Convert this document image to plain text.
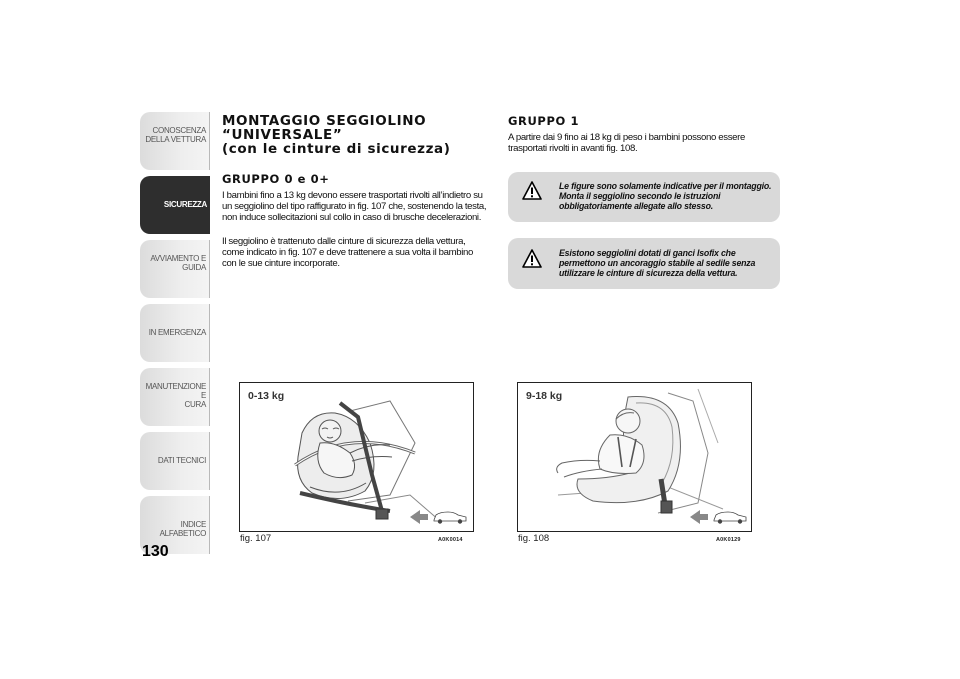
CONOSCENZA
DELLA VETTURA
SICUREZZA
AVVIAMENTO E
GUIDA
IN EMERGENZA
MANUTENZIONE E
CURA
DATI TECNICI
INDICE ALFABETICO
130
MONTAGGIO SEGGIOLINO
“UNIVERSALE”
(con le cinture di sicurezza)
GRUPPO 0 e 0+

I bambini fino a 13 kg devono essere trasportati rivolti all’indietro su un seggiolino del tipo raffigurato in fig. 107 che, sostenendo la testa, non induce sollecitazioni sul collo in caso di brusche decelerazioni.

Il seggiolino è trattenuto dalle cinture di sicurezza della vettura, come indicato in fig. 107 e deve trattenere a sua volta il bambino con le sue cinture incorporate.

GRUPPO 1

A partire dai 9 fino ai 18 kg di peso i bambini possono essere trasportati rivolti in avanti fig. 108.

Le figure sono solamente indicative per il montaggio. Monta il seggiolino secondo le istruzioni obbligatoriamente allegate allo stesso.
Esistono seggiolini dotati di ganci Isofix che permettono un ancoraggio stabile al sedile senza utilizzare le cinture di sicurezza della vettura.
0-13 kg
fig. 107	A0K0014
9-18 kg
fig. 108	A0K0129
